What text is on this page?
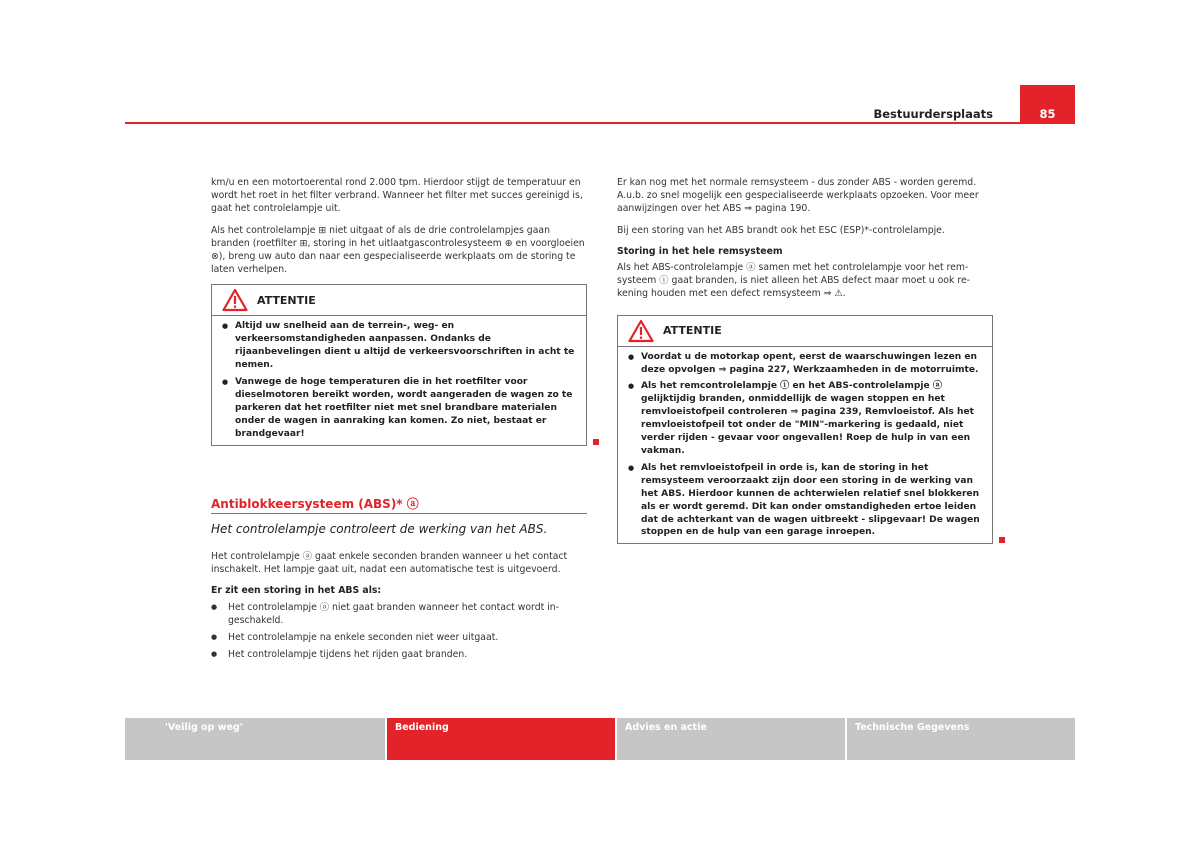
Bestuurdersplaats	85

km/u en een motortoerental rond 2.000 tpm. Hierdoor stijgt de temperatuur en wordt het roet in het filter verbrand. Wanneer het filter met succes gereinigd is, gaat het controlelampje uit.

Als het controlelampje ⊞ niet uitgaat of als de drie controlelampjes gaan branden (roetfilter ⊞, storing in het uitlaatgascontrolesysteem ⊕ en voorgloeien ⊗), breng uw auto dan naar een gespecialiseerde werkplaats om de storing te laten verhelpen.

ATTENTIE
● Altijd uw snelheid aan de terrein-, weg- en verkeersomstandigheden aanpassen. Ondanks de rijaanbevelingen dient u altijd de verkeersvoorschriften in acht te nemen.
● Vanwege de hoge temperaturen die in het roetfilter voor dieselmotoren bereikt worden, wordt aangeraden de wagen zo te parkeren dat het roetfilter niet met snel brandbare materialen onder de wagen in aanraking kan komen. Zo niet, bestaat er brandgevaar!
Antiblokkeersysteem (ABS)* ⓐ
Het controlelampje controleert de werking van het ABS.

Het controlelampje ⓐ gaat enkele seconden branden wanneer u het contact inschakelt. Het lampje gaat uit, nadat een automatische test is uitgevoerd.

Er zit een storing in het ABS als:
● Het controlelampje ⓐ niet gaat branden wanneer het contact wordt ingeschakeld.
● Het controlelampje na enkele seconden niet weer uitgaat.
● Het controlelampje tijdens het rijden gaat branden.

Er kan nog met het normale remsysteem - dus zonder ABS - worden geremd. A.u.b. zo snel mogelijk een gespecialiseerde werkplaats opzoeken. Voor meer aanwijzingen over het ABS ⇒ pagina 190.

Bij een storing van het ABS brandt ook het ESC (ESP)*-controlelampje.

Storing in het hele remsysteem

Als het ABS-controlelampje ⓐ samen met het controlelampje voor het remsysteem ⓘ gaat branden, is niet alleen het ABS defect maar moet u ook rekening houden met een defect remsysteem ⇒ ⚠.

ATTENTIE
● Voordat u de motorkap opent, eerst de waarschuwingen lezen en deze opvolgen ⇒ pagina 227, Werkzaamheden in de motorruimte.
● Als het remcontrolelampje ⓘ en het ABS-controlelampje ⓐ gelijktijdig branden, onmiddellijk de wagen stoppen en het remvloeistofpeil controleren ⇒ pagina 239, Remvloeistof. Als het remvloeistofpeil tot onder de "MIN"-markering is gedaald, niet verder rijden - gevaar voor ongevallen! Roep de hulp in van een vakman.
● Als het remvloeistofpeil in orde is, kan de storing in het remsysteem veroorzaakt zijn door een storing in de werking van het ABS. Hierdoor kunnen de achterwielen relatief snel blokkeren als er wordt geremd. Dit kan onder omstandigheden ertoe leiden dat de achterkant van de wagen uitbreekt - slipgevaar! De wagen stoppen en de hulp van een garage inroepen.
'Veilig op weg'	Bediening	Advies en actie	Technische Gegevens
